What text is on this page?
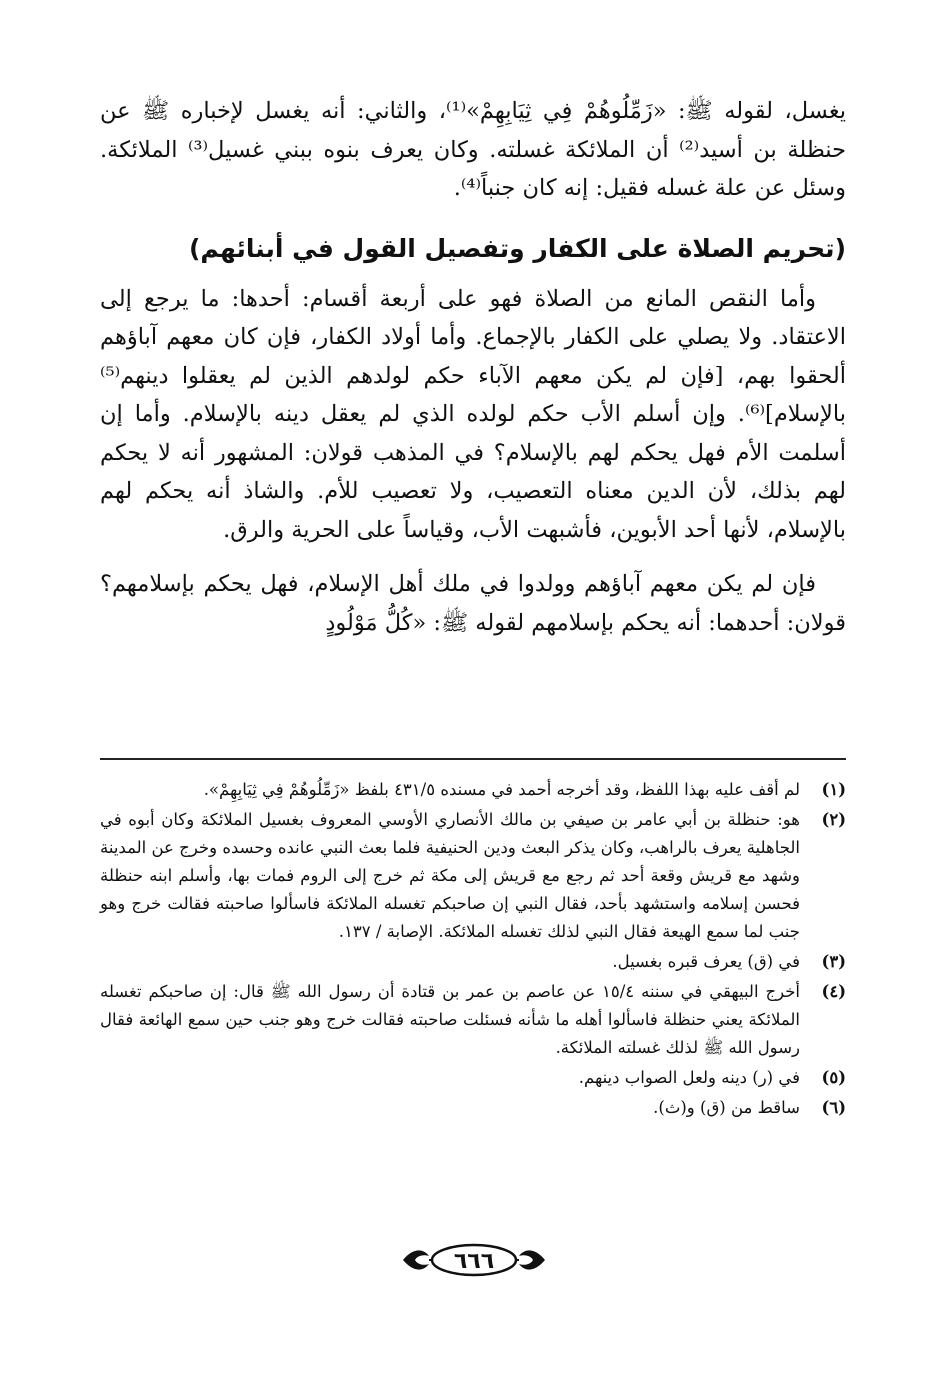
يغسل، لقوله ﷺ: «زَمِّلُوهُمْ فِي ثِيَابِهِمْ»⁽¹⁾، والثاني: أنه يغسل لإخباره ﷺ عن حنظلة بن أسيد⁽²⁾ أن الملائكة غسلته. وكان يعرف بنوه ببني غسيل⁽³⁾ الملائكة. وسئل عن علة غسله فقيل: إنه كان جنباً⁽⁴⁾.

(تحريم الصلاة على الكفار وتفصيل القول في أبنائهم)

وأما النقص المانع من الصلاة فهو على أربعة أقسام: أحدها: ما يرجع إلى الاعتقاد. ولا يصلي على الكفار بالإجماع. وأما أولاد الكفار، فإن كان معهم آباؤهم ألحقوا بهم، [فإن لم يكن معهم الآباء حكم لولدهم الذين لم يعقلوا دينهم⁽⁵⁾ بالإسلام]⁽⁶⁾. وإن أسلم الأب حكم لولده الذي لم يعقل دينه بالإسلام. وأما إن أسلمت الأم فهل يحكم لهم بالإسلام؟ في المذهب قولان: المشهور أنه لا يحكم لهم بذلك، لأن الدين معناه التعصيب، ولا تعصيب للأم. والشاذ أنه يحكم لهم بالإسلام، لأنها أحد الأبوين، فأشبهت الأب، وقياساً على الحرية والرق.

فإن لم يكن معهم آباؤهم وولدوا في ملك أهل الإسلام، فهل يحكم بإسلامهم؟ قولان: أحدهما: أنه يحكم بإسلامهم لقوله ﷺ: «كُلُّ مَوْلُودٍ

(١)
لم أقف عليه بهذا اللفظ، وقد أخرجه أحمد في مسنده ٤٣١/٥ بلفظ «زَمِّلُوهُمْ فِي ثِيَابِهِمْ».
(٢)
هو: حنظلة بن أبي عامر بن صيفي بن مالك الأنصاري الأوسي المعروف بغسيل الملائكة وكان أبوه في الجاهلية يعرف بالراهب، وكان يذكر البعث ودين الحنيفية فلما بعث النبي عانده وحسده وخرج عن المدينة وشهد مع قريش وقعة أحد ثم رجع مع قريش إلى مكة ثم خرج إلى الروم فمات بها، وأسلم ابنه حنظلة فحسن إسلامه واستشهد بأحد، فقال النبي إن صاحبكم تغسله الملائكة فاسألوا صاحبته فقالت خرج وهو جنب لما سمع الهيعة فقال النبي لذلك تغسله الملائكة. الإصابة / ١٣٧.
(٣)
في (ق) يعرف قبره بغسيل.
(٤)
أخرج البيهقي في سننه ١٥/٤ عن عاصم بن عمر بن قتادة أن رسول الله ﷺ قال: إن صاحبكم تغسله الملائكة يعني حنظلة فاسألوا أهله ما شأنه فسئلت صاحبته فقالت خرج وهو جنب حين سمع الهائعة فقال رسول الله ﷺ لذلك غسلته الملائكة.
(٥)
في (ر) دينه ولعل الصواب دينهم.
(٦)
ساقط من (ق) و(ث).
٦٦٦
